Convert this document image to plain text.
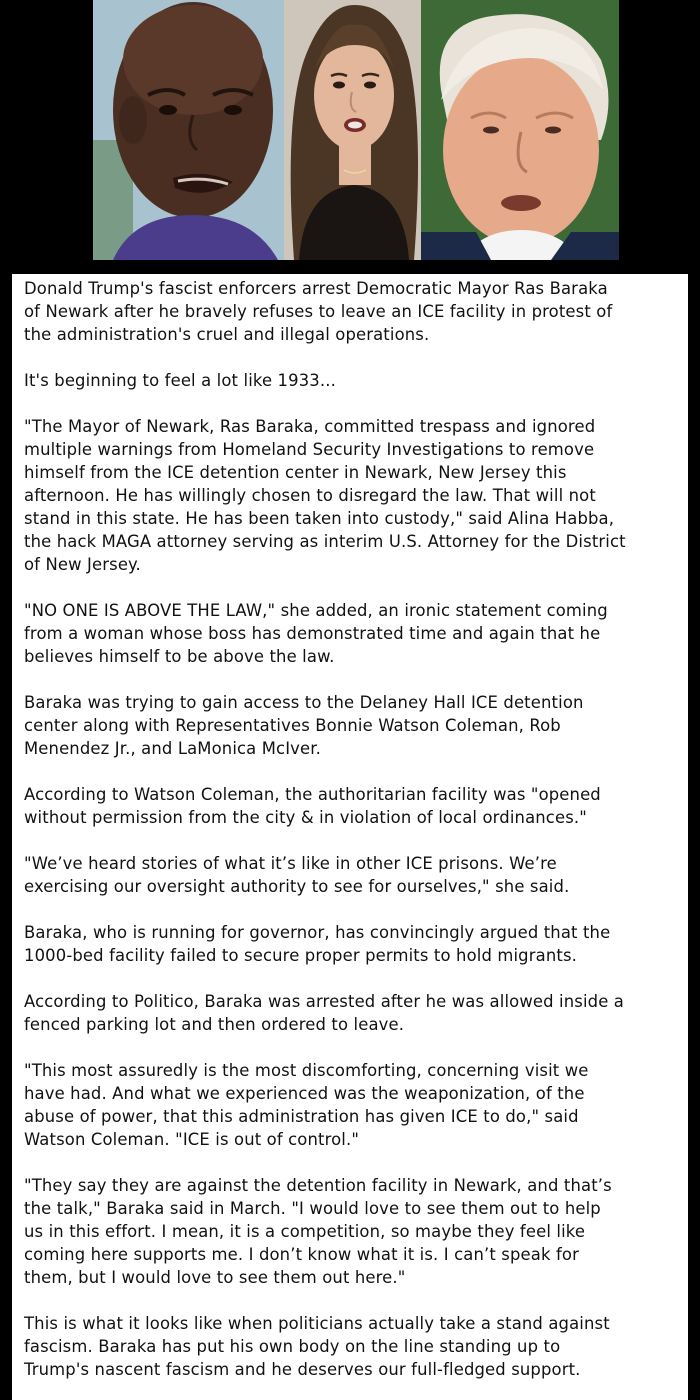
Donald Trump's fascist enforcers arrest Democratic Mayor Ras Baraka
of Newark after he bravely refuses to leave an ICE facility in protest of
the administration's cruel and illegal operations.

It's beginning to feel a lot like 1933...

"The Mayor of Newark, Ras Baraka, committed trespass and ignored
multiple warnings from Homeland Security Investigations to remove
himself from the ICE detention center in Newark, New Jersey this
afternoon. He has willingly chosen to disregard the law. That will not
stand in this state. He has been taken into custody," said Alina Habba,
the hack MAGA attorney serving as interim U.S. Attorney for the District
of New Jersey.

"NO ONE IS ABOVE THE LAW," she added, an ironic statement coming
from a woman whose boss has demonstrated time and again that he
believes himself to be above the law.

Baraka was trying to gain access to the Delaney Hall ICE detention
center along with Representatives Bonnie Watson Coleman, Rob
Menendez Jr., and LaMonica McIver.

According to Watson Coleman, the authoritarian facility was "opened
without permission from the city & in violation of local ordinances."

"We’ve heard stories of what it’s like in other ICE prisons. We’re
exercising our oversight authority to see for ourselves," she said.

Baraka, who is running for governor, has convincingly argued that the
1000-bed facility failed to secure proper permits to hold migrants.

According to Politico, Baraka was arrested after he was allowed inside a
fenced parking lot and then ordered to leave.

"This most assuredly is the most discomforting, concerning visit we
have had. And what we experienced was the weaponization, of the
abuse of power, that this administration has given ICE to do," said
Watson Coleman. "ICE is out of control."

"They say they are against the detention facility in Newark, and that’s
the talk," Baraka said in March. "I would love to see them out to help
us in this effort. I mean, it is a competition, so maybe they feel like
coming here supports me. I don’t know what it is. I can’t speak for
them, but I would love to see them out here."

This is what it looks like when politicians actually take a stand against
fascism. Baraka has put his own body on the line standing up to
Trump's nascent fascism and he deserves our full-fledged support.
